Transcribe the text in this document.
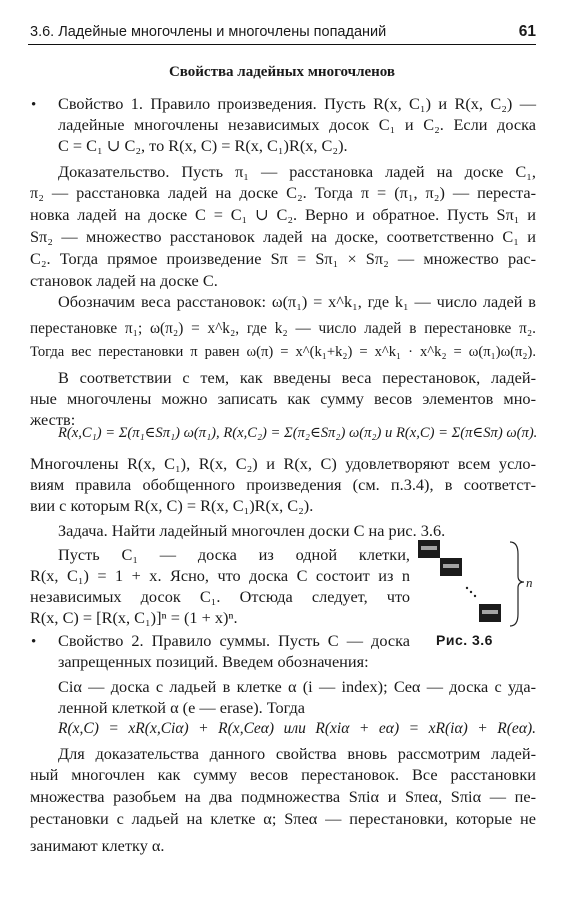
3.6. Ладейные многочлены и многочлены попаданий	61
Свойства ладейных многочленов
• Свойство 1. Правило произведения. Пусть R(x, C₁) и R(x, C₂) —
ладейные многочлены независимых досок C₁ и C₂. Если доска
C = C₁ ∪ C₂, то R(x, C) = R(x, C₁)R(x, C₂).
Доказательство. Пусть π₁ — расстановка ладей на доске C₁,
π₂ — расстановка ладей на доске C₂. Тогда π = (π₁, π₂) — переста-
новка ладей на доске C = C₁ ∪ C₂. Верно и обратное. Пусть Sπ₁ и
Sπ₂ — множество расстановок ладей на доске, соответственно C₁ и
C₂. Тогда прямое произведение Sπ = Sπ₁ × Sπ₂ — множество рас-
становок ладей на доске C.
Обозначим веса расстановок: ω(π₁) = x^k₁, где k₁ — число ладей в
перестановке π₁; ω(π₂) = x^k₂, где k₂ — число ладей в перестановке π₂.
Тогда вес перестановки π равен ω(π) = x^(k₁+k₂) = x^k₁ · x^k₂ = ω(π₁)ω(π₂).
В соответствии с тем, как введены веса перестановок, ладей-
ные многочлены можно записать как сумму весов элементов мно-
жеств:
R(x,C₁) = Σ(π₁∈Sπ₁) ω(π₁), R(x,C₂) = Σ(π₂∈Sπ₂) ω(π₂) и R(x,C) = Σ(π∈Sπ) ω(π).
Многочлены R(x, C₁), R(x, C₂) и R(x, C) удовлетворяют всем усло-
виям правила обобщенного произведения (см. п.3.4), в соответст-
вии с которым R(x, C) = R(x, C₁)R(x, C₂).
Задача. Найти ладейный многочлен доски C на рис. 3.6.
Пусть C₁ — доска из одной клетки,
R(x, C₁) = 1 + x. Ясно, что доска C состоит из n
независимых досок C₁. Отсюда следует, что
R(x, C) = [R(x, C₁)]ⁿ = (1 + x)ⁿ.
n
Рис. 3.6
• Свойство 2. Правило суммы. Пусть C — доска
запрещенных позиций. Введем обозначения:
Ciα — доска с ладьей в клетке α (i — index); Ceα — доска с уда-
ленной клеткой α (e — erase). Тогда
R(x,C) = xR(x,Ciα) + R(x,Ceα) или R(xiα + eα) = xR(iα) + R(eα).
Для доказательства данного свойства вновь рассмотрим ладей-
ный многочлен как сумму весов перестановок. Все расстановки
множества разобьем на два подмножества Sπiα и Sπeα, Sπiα — пе-
рестановки с ладьей на клетке α; Sπeα — перестановки, которые не
занимают клетку α.
